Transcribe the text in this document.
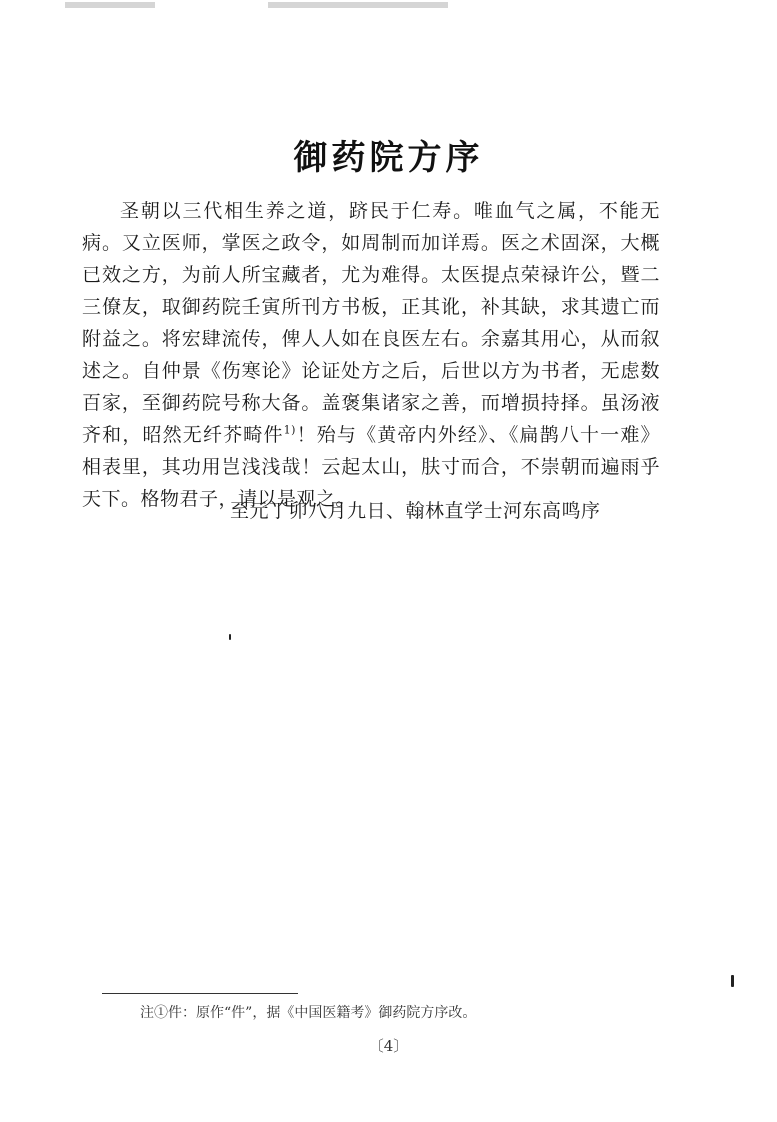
御药院方序
圣朝以三代相生养之道，跻民于仁寿。唯血气之属，不能无病。又立医师，掌医之政令，如周制而加详焉。医之术固深，大概已效之方，为前人所宝藏者，尤为难得。太医提点荣禄许公，暨二三僚友，取御药院壬寅所刊方书板，正其讹，补其缺，求其遗亡而附益之。将宏肆流传，俾人人如在良医左右。余嘉其用心，从而叙述之。自仲景《伤寒论》论证处方之后，后世以方为书者，无虑数百家，至御药院号称大备。盖褒集诸家之善，而增损持择。虽汤液齐和，昭然无纤芥畸件$^{1)}$！殆与《黄帝内外经》、《扁鹊八十一难》相表里，其功用岂浅浅哉！云起太山，肤寸而合，不崇朝而遍雨乎天下。格物君子，请以是观之。
至元丁卯八月九日、翰林直学士河东高鸣序
注①件：原作“件”，据《中国医籍考》御药院方序改。
〔4〕
